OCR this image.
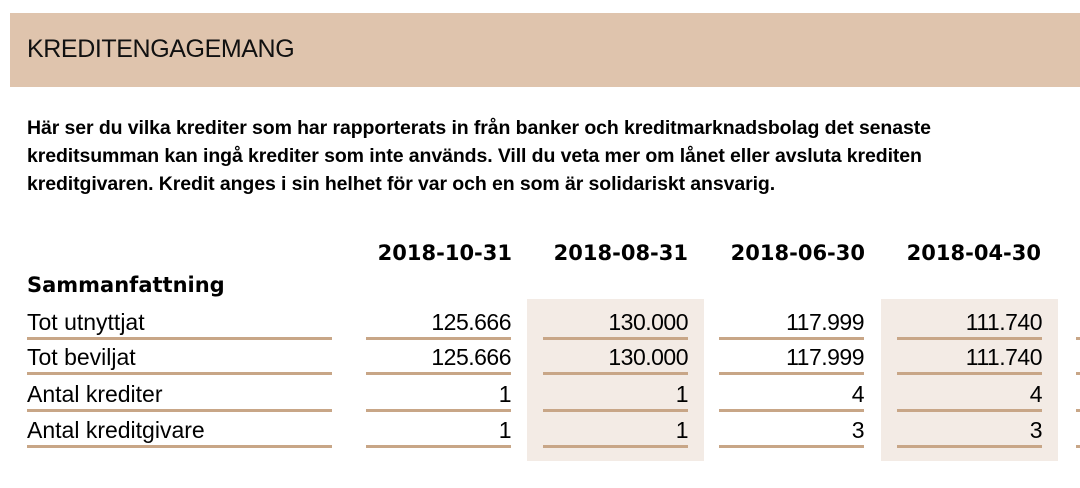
KREDITENGAGEMANG
Här ser du vilka krediter som har rapporterats in från banker och kreditmarknadsbolag det senaste
kreditsumman kan ingå krediter som inte används. Vill du veta mer om lånet eller avsluta krediten
kreditgivaren. Kredit anges i sin helhet för var och en som är solidariskt ansvarig.
2018-10-31	2018-08-31	2018-06-30	2018-04-30
Sammanfattning
Tot utnyttjat	125.666	130.000	117.999	111.740
Tot beviljat	125.666	130.000	117.999	111.740
Antal krediter	1	1	4	4
Antal kreditgivare	1	1	3	3
